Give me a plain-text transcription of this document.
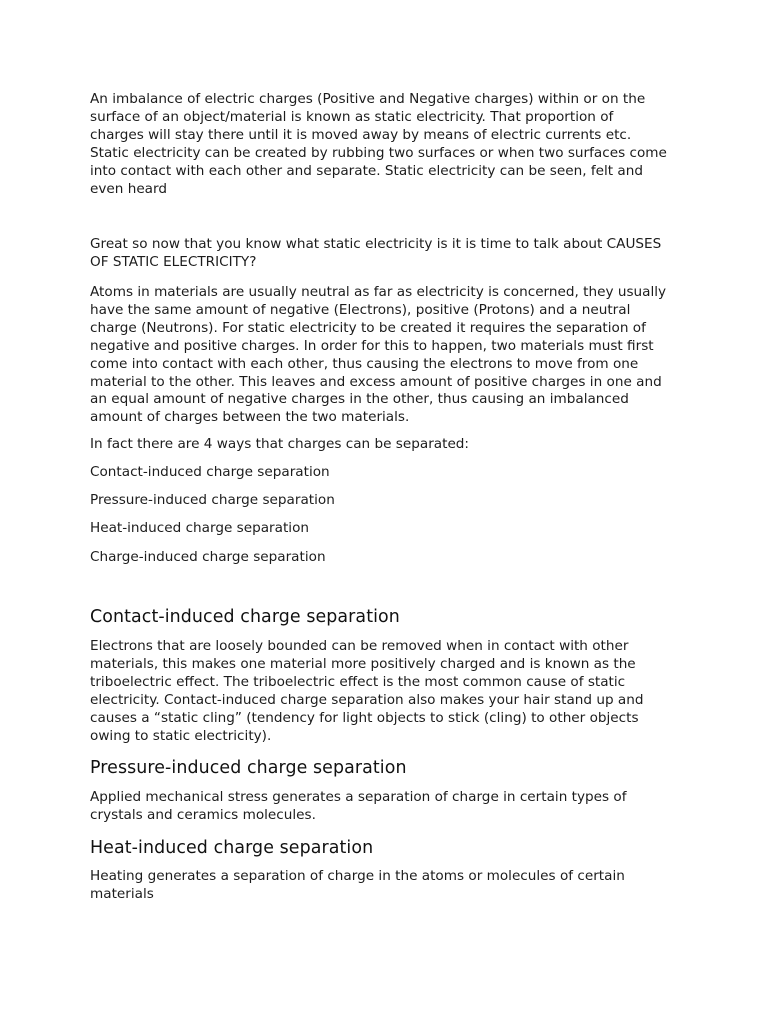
An imbalance of electric charges (Positive and Negative charges) within or on the
surface of an object/material is known as static electricity. That proportion of
charges will stay there until it is moved away by means of electric currents etc.
Static electricity can be created by rubbing two surfaces or when two surfaces come
into contact with each other and separate. Static electricity can be seen, felt and
even heard

Great so now that you know what static electricity is it is time to talk about CAUSES
OF STATIC ELECTRICITY?

Atoms in materials are usually neutral as far as electricity is concerned, they usually
have the same amount of negative (Electrons), positive (Protons) and a neutral
charge (Neutrons). For static electricity to be created it requires the separation of
negative and positive charges. In order for this to happen, two materials must first
come into contact with each other, thus causing the electrons to move from one
material to the other. This leaves and excess amount of positive charges in one and
an equal amount of negative charges in the other, thus causing an imbalanced
amount of charges between the two materials.

In fact there are 4 ways that charges can be separated:

Contact-induced charge separation

Pressure-induced charge separation

Heat-induced charge separation

Charge-induced charge separation

Contact-induced charge separation

Electrons that are loosely bounded can be removed when in contact with other
materials, this makes one material more positively charged and is known as the
triboelectric effect. The triboelectric effect is the most common cause of static
electricity. Contact-induced charge separation also makes your hair stand up and
causes a “static cling” (tendency for light objects to stick (cling) to other objects
owing to static electricity).

Pressure-induced charge separation

Applied mechanical stress generates a separation of charge in certain types of
crystals and ceramics molecules.

Heat-induced charge separation

Heating generates a separation of charge in the atoms or molecules of certain
materials
